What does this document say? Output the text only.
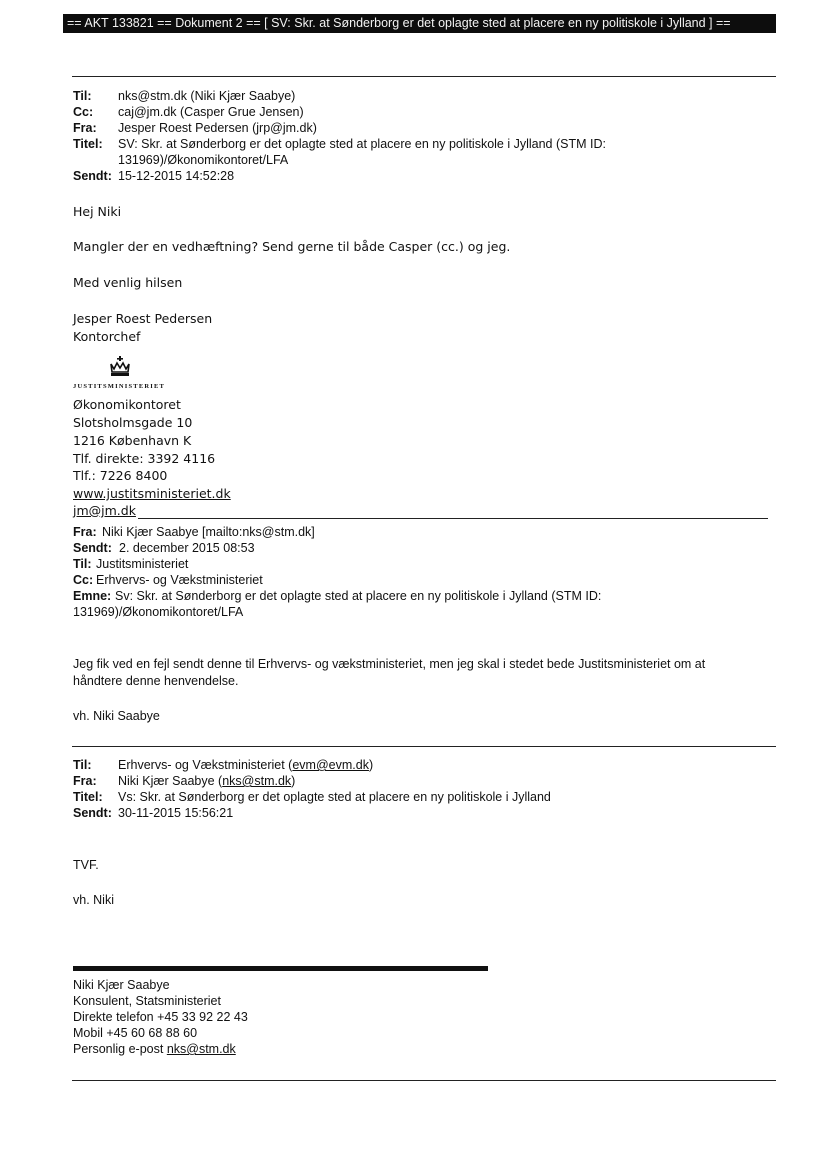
== AKT 133821 == Dokument 2 == [ SV: Skr. at Sønderborg er det oplagte sted at placere en ny politiskole i Jylland ] ==
Til: nks@stm.dk (Niki Kjær Saabye)
Cc: caj@jm.dk (Casper Grue Jensen)
Fra: Jesper Roest Pedersen (jrp@jm.dk)
Titel: SV: Skr. at Sønderborg er det oplagte sted at placere en ny politiskole i Jylland (STM ID:
131969)/Økonomikontoret/LFA
Sendt: 15-12-2015 14:52:28
Hej Niki
Mangler der en vedhæftning? Send gerne til både Casper (cc.) og jeg.
Med venlig hilsen
Jesper Roest Pedersen
Kontorchef
JUSTITSMINISTERIET
Økonomikontoret
Slotsholmsgade 10
1216 København K
Tlf. direkte: 3392 4116
Tlf.: 7226 8400
www.justitsministeriet.dk
jm@jm.dk
Fra: Niki Kjær Saabye [mailto:nks@stm.dk]
Sendt: 2. december 2015 08:53
Til: Justitsministeriet
Cc: Erhvervs- og Vækstministeriet
Emne: Sv: Skr. at Sønderborg er det oplagte sted at placere en ny politiskole i Jylland (STM ID:
131969)/Økonomikontoret/LFA
Jeg fik ved en fejl sendt denne til Erhvervs- og vækstministeriet, men jeg skal i stedet bede Justitsministeriet om at
håndtere denne henvendelse.
vh. Niki Saabye
Til: Erhvervs- og Vækstministeriet (evm@evm.dk)
Fra: Niki Kjær Saabye (nks@stm.dk)
Titel: Vs: Skr. at Sønderborg er det oplagte sted at placere en ny politiskole i Jylland
Sendt: 30-11-2015 15:56:21
TVF.
vh. Niki
Niki Kjær Saabye
Konsulent, Statsministeriet
Direkte telefon +45 33 92 22 43
Mobil +45 60 68 88 60
Personlig e-post nks@stm.dk
